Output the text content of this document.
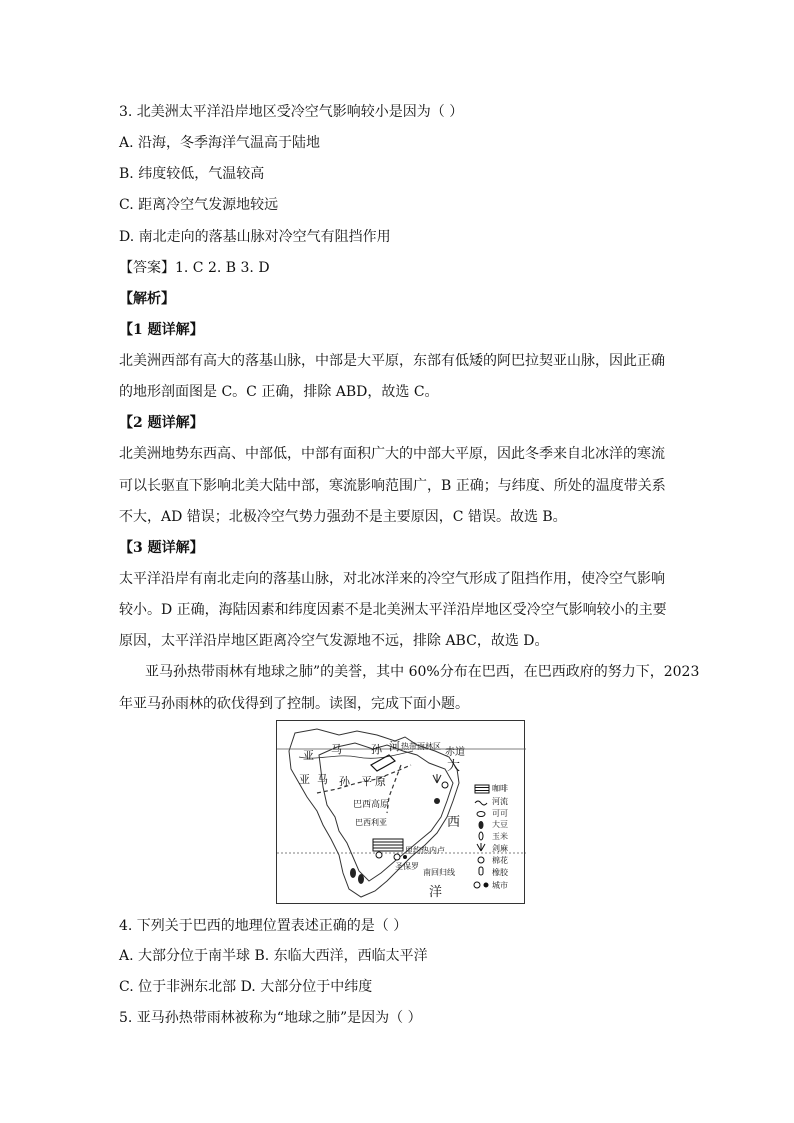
3. 北美洲太平洋沿岸地区受冷空气影响较小是因为（ ）
A. 沿海，冬季海洋气温高于陆地
B. 纬度较低，气温较高
C. 距离冷空气发源地较远
D. 南北走向的落基山脉对冷空气有阻挡作用
【答案】1. C 2. B 3. D
【解析】
【1 题详解】
北美洲西部有高大的落基山脉，中部是大平原，东部有低矮的阿巴拉契亚山脉，因此正确
的地形剖面图是 C。C 正确，排除 ABD，故选 C。
【2 题详解】
北美洲地势东西高、中部低，中部有面积广大的中部大平原，因此冬季来自北冰洋的寒流
可以长驱直下影响北美大陆中部，寒流影响范围广，B 正确；与纬度、所处的温度带关系
不大，AD 错误；北极冷空气势力强劲不是主要原因，C 错误。故选 B。
【3 题详解】
太平洋沿岸有南北走向的落基山脉，对北冰洋来的冷空气形成了阻挡作用，使冷空气影响
较小。D 正确，海陆因素和纬度因素不是北美洲太平洋沿岸地区受冷空气影响较小的主要
原因，太平洋沿岸地区距离冷空气发源地不远，排除 ABC，故选 D。
亚马孙热带雨林有地球之肺”的美誉，其中 60%分布在巴西，在巴西政府的努力下，2023
年亚马孙雨林的砍伐得到了控制。读图，完成下面小题。
河 热带雨林区
赤道
亚 马	孙
亚 马 孙 平 原
大
西
巴西高原
巴西利亚
里约热内卢
圣保罗
南回归线
洋
咖啡
河流
可可
大豆
玉米
剑麻
棉花
橡胶
城市
4. 下列关于巴西的地理位置表述正确的是（ ）
A. 大部分位于南半球 B. 东临大西洋，西临太平洋
C. 位于非洲东北部 D. 大部分位于中纬度
5. 亚马孙热带雨林被称为“地球之肺”是因为（ ）
